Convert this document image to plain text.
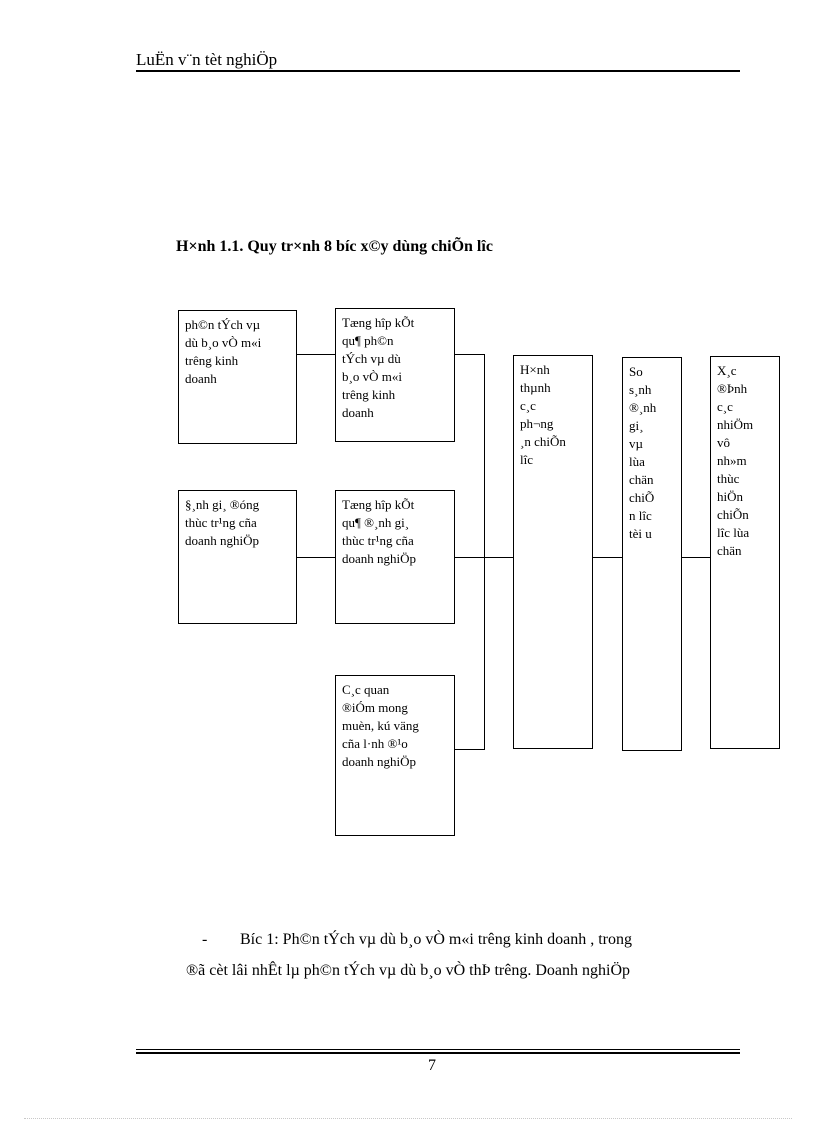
LuËn v¨n tèt nghiÖp
H×nh 1.1. Quy tr×nh 8 bíc x©y dùng chiÕn lîc
ph©n tÝch vµ
dù b¸o vÒ m«i
trêng kinh
doanh
§¸nh gi¸ ®óng
thùc tr¹ng cña
doanh nghiÖp
Tæng hîp kÕt
qu¶ ph©n
tÝch vµ dù
b¸o vÒ m«i
trêng kinh
doanh
Tæng hîp kÕt
qu¶ ®¸nh gi¸
thùc tr¹ng cña
doanh nghiÖp
C¸c quan
®iÓm mong
muèn, kú väng
cña l·nh ®¹o
doanh nghiÖp
H×nh
thµnh
c¸c
ph¬ng
¸n chiÕn
lîc
So
s¸nh
®¸nh
gi¸
vµ
lùa
chän
chiÕ
n lîc
tèi u
X¸c
®Þnh
c¸c
nhiÖm
vô
nh»m
thùc
hiÖn
chiÕn
lîc lùa
chän
- Bíc 1: Ph©n tÝch vµ dù b¸o vÒ m«i trêng kinh doanh , trong
®ã cèt lâi nhÊt lµ ph©n tÝch vµ dù b¸o vÒ thÞ trêng. Doanh nghiÖp
7
